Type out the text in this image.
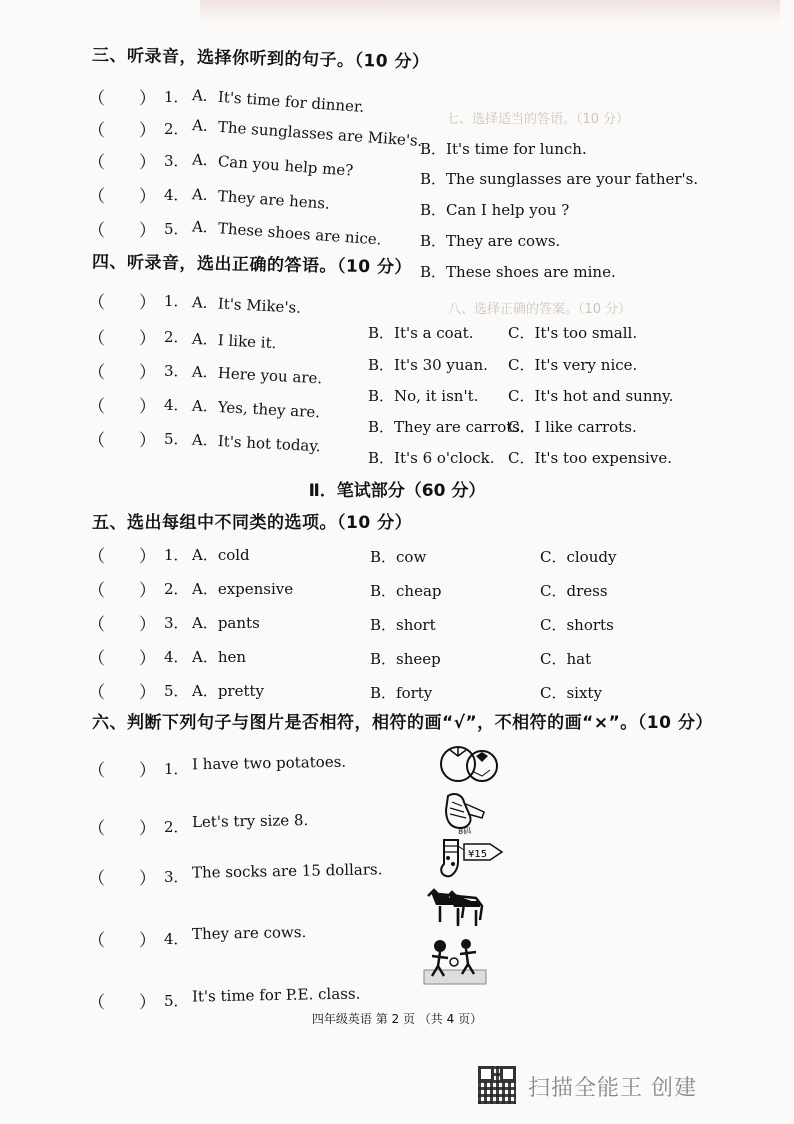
三、听录音，选择你听到的句子。（10 分）
（　　） 1． A．It's time for dinner.
B．It's time for lunch.
（　　） 2． A．The sunglasses are Mike's.
B．The sunglasses are your father's.
（　　） 3． A．Can you help me?
B．Can I help you ?
（　　） 4． A．They are hens.
B．They are cows.
（　　） 5． A．These shoes are nice.
B．These shoes are mine.
四、听录音，选出正确的答语。（10 分）
（　　） 1． A．It's Mike's.
B．It's a coat. C．It's too small.
（　　） 2． A．I like it.
B．It's 30 yuan. C．It's very nice.
（　　） 3． A．Here you are.
B．No, it isn't. C．It's hot and sunny.
（　　） 4． A．Yes, they are.
B．They are carrots.
C．I like carrots.
（　　） 5． A．It's hot today.
B．It's 6 o'clock. C．It's too expensive.
Ⅱ．笔试部分（60 分）
五、选出每组中不同类的选项。（10 分）
（　　） 1． A．cold	B．cow	C．cloudy
（　　） 2． A．expensive	B．cheap	C．dress
（　　） 3． A．pants	B．short	C．shorts
（　　） 4． A．hen	B．sheep	C．hat
（　　） 5． A．pretty	B．forty	C．sixty
六、判断下列句子与图片是否相符，相符的画“√”，不相符的画“×”。（10 分）
（　　） 1． I have two potatoes.
（　　） 2． Let's try size 8.
（　　） 3． The socks are 15 dollars.
（　　） 4． They are cows.
（　　） 5． It's time for P.E. class.
8码
¥15
七、选择适当的答语。（10 分）
八、选择正确的答案。（10 分）
四年级英语 第 2 页 （共 4 页）
扫描全能王 创建
